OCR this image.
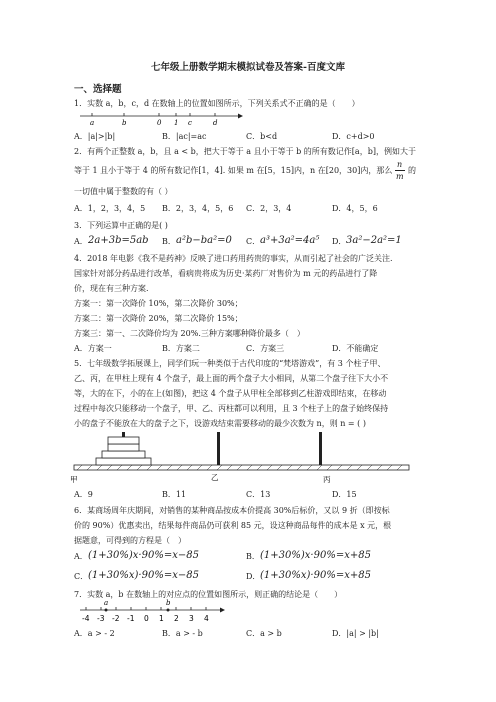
七年级上册数学期末模拟试卷及答案-百度文库
一、选择题
1．实数 a，b，c，d 在数轴上的位置如图所示，下列关系式不正确的是（　　）
a	b	0 1 c	d
A．|a|>|b|	B．|ac|=ac	C．b<d	D．c+d>0
2．有两个正整数 a，b，且 a < b，把大于等于 a 且小于等于 b 的所有数记作[a，b]，例如大于
等于 1 且小于等于 4 的所有数记作[1，4]. 如果 m 在[5，15]内，n 在[20，30]内，那么
n
m
的
一切值中属于整数的有（ ）
A．1，2，3，4，5 B．2，3，4，5，6 C．2，3，4	D．4，5，6
3．下列运算中正确的是( )
A． 2a+3b=5ab B． a²b−ba²=0 C． a³+3a²=4a⁵ D． 3a²−2a²=1
4．2018 年电影《我不是药神》反映了进口药用药贵的事实，从而引起了社会的广泛关注.
国家针对部分药品进行改革，看病贵将成为历史·某药厂对售价为 m 元的药品进行了降
价，现在有三种方案.
方案一：第一次降价 10%，第二次降价 30%；
方案二：第一次降价 20%，第二次降价 15%；
方案三：第一、二次降价均为 20%.三种方案哪种降价最多（　）
A．方案一	B．方案二	C．方案三	D．不能确定
5．七年级数学拓展课上，同学们玩一种类似于古代印度的“梵塔游戏”，有 3 个柱子甲、
乙、丙，在甲柱上现有 4 个盘子，最上面的两个盘子大小相同，从第二个盘子往下大小不
等，大的在下，小的在上(如图)，把这 4 个盘子从甲柱全部移到乙柱游戏即结束，在移动
过程中每次只能移动一个盘子，甲、乙、丙柱都可以利用，且 3 个柱子上的盘子始终保持
小的盘子不能放在大的盘子之下，设游戏结束需要移动的最少次数为 n，则 n = ( )
甲	乙	丙
A．9	B．11	C．13	D．15
6．某商场周年庆期间，对销售的某种商品按成本价提高 30%后标价，又以 9 折（即按标
价的 90%）优惠卖出，结果每件商品仍可获利 85 元，设这种商品每件的成本是 x 元，根
据题意，可得到的方程是（　）
A． (1+30%)x·90%=x−85	B． (1+30%)x·90%=x+85
C． (1+30%x)·90%=x−85	D． (1+30%x)·90%=x+85
7．实数 a，b 在数轴上的对应点的位置如图所示，则正确的结论是（　　）
a	b
-4 -3 -2 -1 0 1 2 3 4
A．a > - 2	B．a > - b	C．a > b	D．|a| > |b|
